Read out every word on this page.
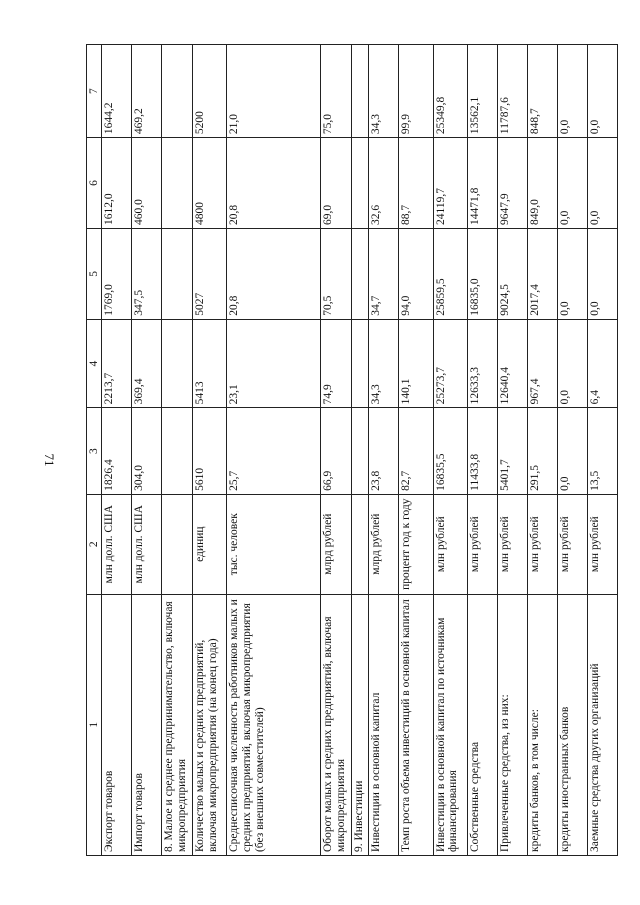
71
1	2	3	4	5	6	7
Экспорт товаров	млн долл. США	1826,4	2213,7	1769,0	1612,0	1644,2
Импорт товаров	млн долл. США	304,0	369,4	347,5	460,0	469,2
8. Малое и среднее предпринимательство, включая микропредприятия						
Количество малых и средних предприятий, включая микропредприятия (на конец года)	единиц	5610	5413	5027	4800	5200
Среднесписочная численность работников малых и средних предприятий, включая микропредприятия (без внешних совместителей)	тыс. человек	25,7	23,1	20,8	20,8	21,0
Оборот малых и средних предприятий, включая микропредприятия	млрд рублей	66,9	74,9	70,5	69,0	75,0
9. Инвестиции						
Инвестиции в основной капитал	млрд рублей	23,8	34,3	34,7	32,6	34,3
Темп роста объема инвестиций в основной капитал	процент год к году	82,7	140,1	94,0	88,7	99,9
Инвестиции в основной капитал по источникам финансирования	млн рублей	16835,5	25273,7	25859,5	24119,7	25349,8
Собственные средства	млн рублей	11433,8	12633,3	16835,0	14471,8	13562,1
Привлеченные средства, из них:	млн рублей	5401,7	12640,4	9024,5	9647,9	11787,6
кредиты банков, в том числе:	млн рублей	291,5	967,4	2017,4	849,0	848,7
кредиты иностранных банков	млн рублей	0,0	0,0	0,0	0,0	0,0
Заемные средства других организаций	млн рублей	13,5	6,4	0,0	0,0	0,0
